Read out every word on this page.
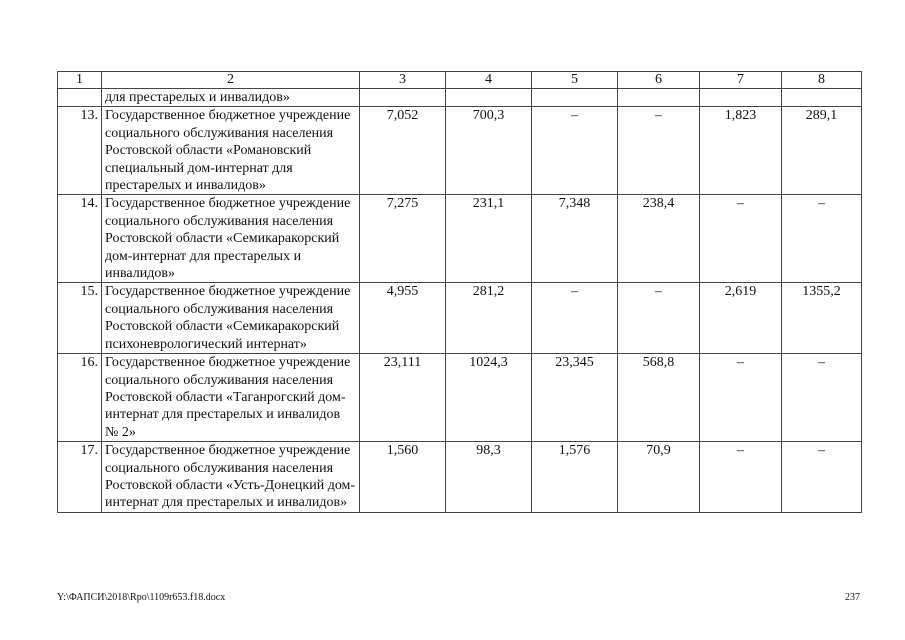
1	2	3	4	5	6	7	8
	для престарелых и инвалидов»						
13.	Государственное бюджетное учреждение социального обслуживания населения Ростовской области «Романовский специальный дом-интернат для престарелых и инвалидов»	7,052	700,3	–	–	1,823	289,1
14.	Государственное бюджетное учреждение социального обслуживания населения Ростовской области «Семикаракорский дом-интернат для престарелых и инвалидов»	7,275	231,1	7,348	238,4	–	–
15.	Государственное бюджетное учреждение социального обслуживания населения Ростовской области «Семикаракорский психоневрологический интернат»	4,955	281,2	–	–	2,619	1355,2
16.	Государственное бюджетное учреждение социального обслуживания населения Ростовской области «Таганрогский дом-интернат для престарелых и инвалидов № 2»	23,111	1024,3	23,345	568,8	–	–
17.	Государственное бюджетное учреждение социального обслуживания населения Ростовской области «Усть-Донецкий дом-интернат для престарелых и инвалидов»	1,560	98,3	1,576	70,9	–	–
Y:\ФАПСИ\2018\Rpo\1109r653.f18.docx	237
